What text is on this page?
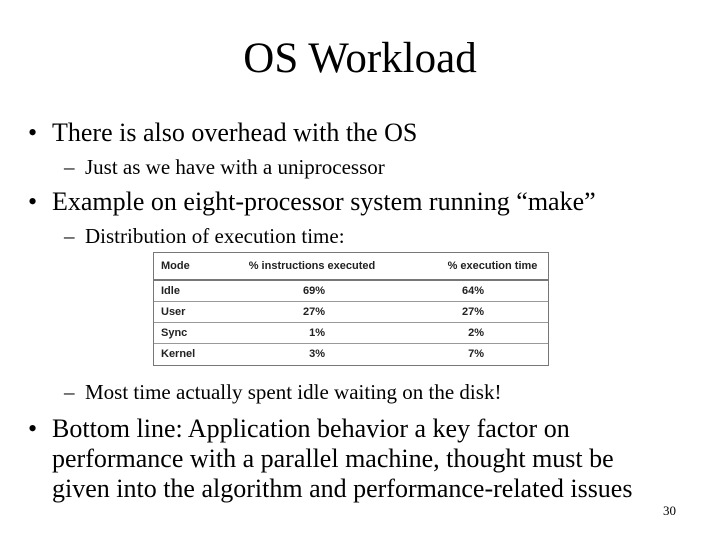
OS Workload
• There is also overhead with the OS
– Just as we have with a uniprocessor
• Example on eight-processor system running “make”
– Distribution of execution time:
Mode	% instructions executed	% execution time
Idle	69%	64%
User	27%	27%
Sync	1%	2%
Kernel	3%	7%
– Most time actually spent idle waiting on the disk!
• Bottom line: Application behavior a key factor on
performance with a parallel machine, thought must be
given into the algorithm and performance-related issues
30
